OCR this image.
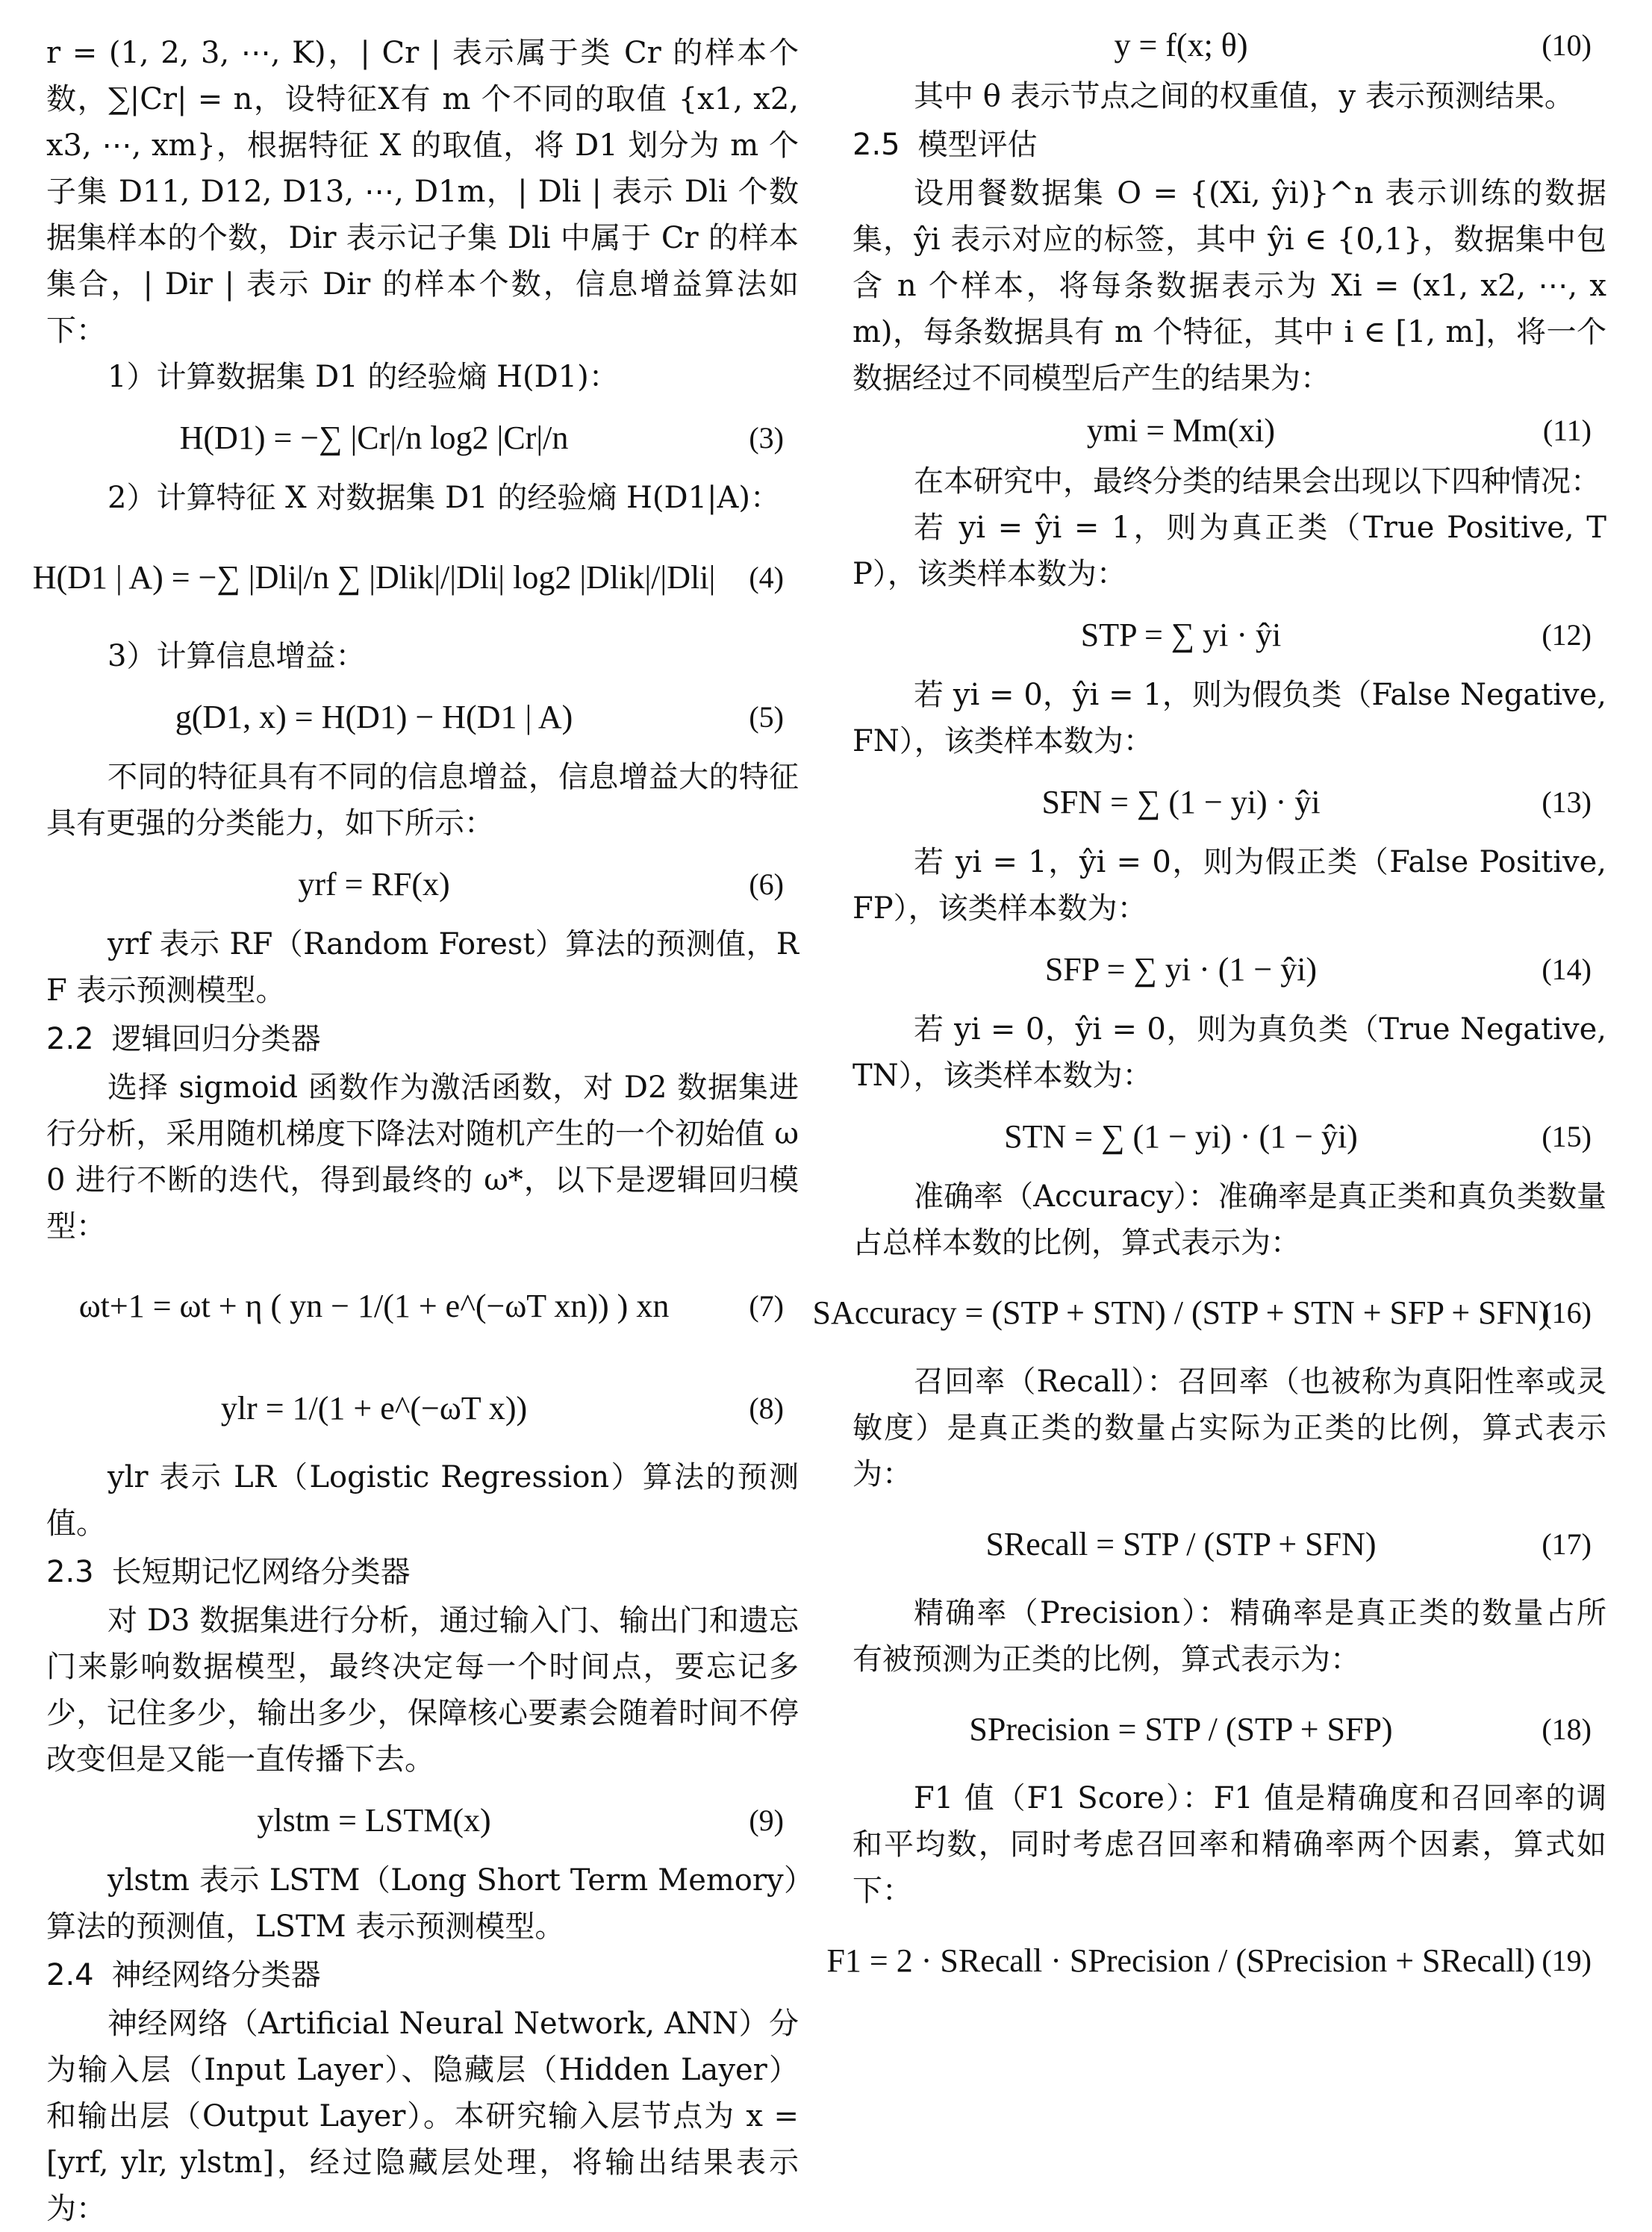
r = (1, 2, 3, ⋯, K)，| Cr | 表示属于类 Cr 的样本个数，∑|Cr| = n，设特征X有 m 个不同的取值 {x1, x2, x3, ⋯, xm}，根据特征 X 的取值，将 D1 划分为 m 个子集 D11, D12, D13, ⋯, D1m，| Dli | 表示 Dli 个数据集样本的个数，Dir 表示记子集 Dli 中属于 Cr 的样本集合，| Dir | 表示 Dir 的样本个数，信息增益算法如下：

1）计算数据集 D1 的经验熵 H(D1)：

H(D1) = −∑ |Cr|/n log2 |Cr|/n	(3)

2）计算特征 X 对数据集 D1 的经验熵 H(D1|A)：

H(D1 | A) = −∑ |Dli|/n ∑ |Dlik|/|Dli| log2 |Dlik|/|Dli| (4)

3）计算信息增益：

g(D1, x) = H(D1) − H(D1 | A)	(5)

不同的特征具有不同的信息增益，信息增益大的特征具有更强的分类能力，如下所示：

yrf = RF(x)	(6)

yrf 表示 RF（Random Forest）算法的预测值，RF 表示预测模型。

2.2 逻辑回归分类器

选择 sigmoid 函数作为激活函数，对 D2 数据集进行分析，采用随机梯度下降法对随机产生的一个初始值 ω0 进行不断的迭代，得到最终的 ω*，以下是逻辑回归模型：

ωt+1 = ωt + η ( yn − 1/(1 + e^(−ωT xn)) ) xn	(7)
ylr = 1/(1 + e^(−ωT x))	(8)

ylr 表示 LR（Logistic Regression）算法的预测值。

2.3 长短期记忆网络分类器

对 D3 数据集进行分析，通过输入门、输出门和遗忘门来影响数据模型，最终决定每一个时间点，要忘记多少，记住多少，输出多少，保障核心要素会随着时间不停改变但是又能一直传播下去。

ylstm = LSTM(x)	(9)

ylstm 表示 LSTM（Long Short Term Memory）算法的预测值，LSTM 表示预测模型。

2.4 神经网络分类器

神经网络（Artificial Neural Network, ANN）分为输入层（Input Layer）、隐藏层（Hidden Layer）和输出层（Output Layer）。本研究输入层节点为 x = [yrf, ylr, ylstm]，经过隐藏层处理，将输出结果表示为：

y = f(x; θ)	(10)

其中 θ 表示节点之间的权重值，y 表示预测结果。

2.5 模型评估

设用餐数据集 O = {(Xi, ŷi)}^n 表示训练的数据集，ŷi 表示对应的标签，其中 ŷi ∈ {0,1}，数据集中包含 n 个样本，将每条数据表示为 Xi = (x1, x2, ⋯, xm)，每条数据具有 m 个特征，其中 i ∈ [1, m]，将一个数据经过不同模型后产生的结果为：

ymi = Mm(xi)	(11)

在本研究中，最终分类的结果会出现以下四种情况：

若 yi = ŷi = 1，则为真正类（True Positive, TP），该类样本数为：

STP = ∑ yi · ŷi	(12)

若 yi = 0，ŷi = 1，则为假负类（False Negative, FN），该类样本数为：

SFN = ∑ (1 − yi) · ŷi	(13)

若 yi = 1，ŷi = 0，则为假正类（False Positive, FP），该类样本数为：

SFP = ∑ yi · (1 − ŷi)	(14)

若 yi = 0，ŷi = 0，则为真负类（True Negative, TN），该类样本数为：

STN = ∑ (1 − yi) · (1 − ŷi)	(15)

准确率（Accuracy）：准确率是真正类和真负类数量占总样本数的比例，算式表示为：

SAccuracy = (STP + STN) / (STP + STN + SFP + SFN)
(16)

召回率（Recall）：召回率（也被称为真阳性率或灵敏度）是真正类的数量占实际为正类的比例，算式表示为：

SRecall = STP / (STP + SFN)	(17)

精确率（Precision）：精确率是真正类的数量占所有被预测为正类的比例，算式表示为：

SPrecision = STP / (STP + SFP)	(18)

F1 值（F1 Score）：F1 值是精确度和召回率的调和平均数，同时考虑召回率和精确率两个因素，算式如下：

F1 = 2 · SRecall · SPrecision / (SPrecision + SRecall) (19)
